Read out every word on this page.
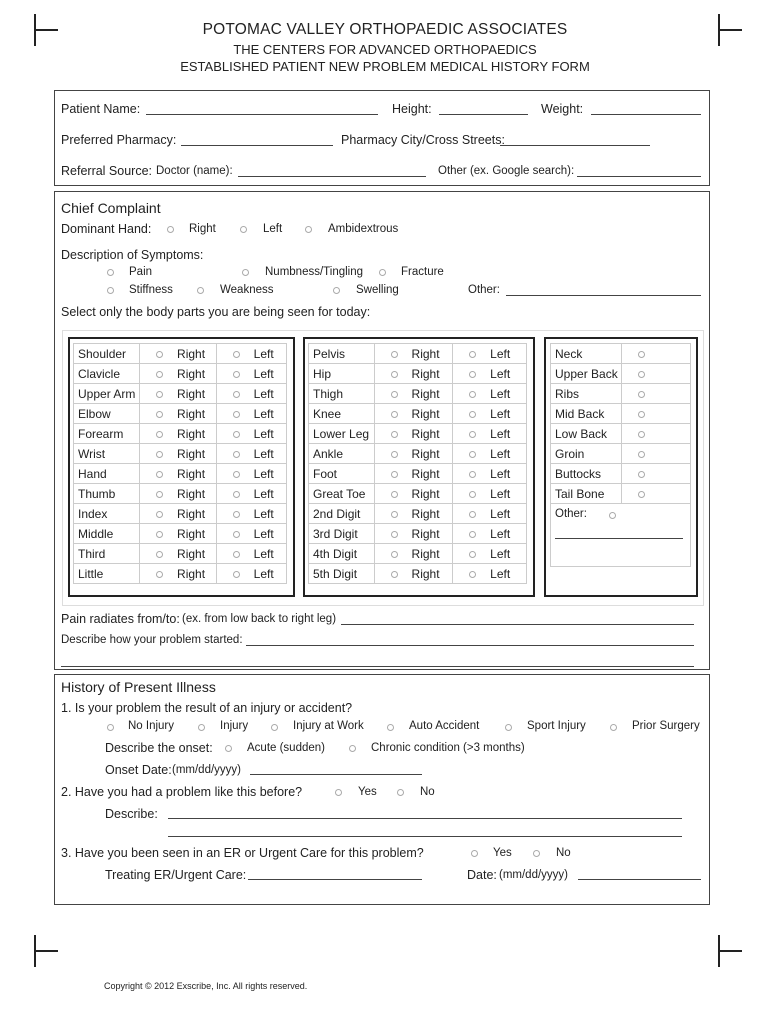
POTOMAC VALLEY ORTHOPAEDIC ASSOCIATES
THE CENTERS FOR ADVANCED ORTHOPAEDICS
ESTABLISHED PATIENT NEW PROBLEM MEDICAL HISTORY FORM
Patient Name:	Height:	Weight:
Preferred Pharmacy:	Pharmacy City/Cross Streets:
Referral Source: Doctor (name):	Other (ex. Google search):
Chief Complaint
Dominant Hand:	Right	Left	Ambidextrous
Description of Symptoms:
Pain	Numbness/Tingling	Fracture
Stiffness	Weakness	Swelling	Other:
Select only the body parts you are being seen for today:
Shoulder	Right	Left
Clavicle	Right	Left
Upper Arm	Right	Left
Elbow	Right	Left
Forearm	Right	Left
Wrist	Right	Left
Hand	Right	Left
Thumb	Right	Left
Index	Right	Left
Middle	Right	Left
Third	Right	Left
Little	Right	Left
Pelvis	Right	Left
Hip	Right	Left
Thigh	Right	Left
Knee	Right	Left
Lower Leg	Right	Left
Ankle	Right	Left
Foot	Right	Left
Great Toe	Right	Left
2nd Digit	Right	Left
3rd Digit	Right	Left
4th Digit	Right	Left
5th Digit	Right	Left
Neck	
Upper Back	
Ribs	
Mid Back	
Low Back	
Groin	
Buttocks	
Tail Bone	
Other:
Pain radiates from/to: (ex. from low back to right leg)
Describe how your problem started:
History of Present Illness
1. Is your problem the result of an injury or accident?
No Injury	Injury	Injury at Work	Auto Accident	Sport Injury	Prior Surgery
Describe the onset:	Acute (sudden)	Chronic condition (>3 months)
Onset Date: (mm/dd/yyyy)
2. Have you had a problem like this before?	Yes	No
Describe:
3. Have you been seen in an ER or Urgent Care for this problem?	Yes	No
Treating ER/Urgent Care:	Date: (mm/dd/yyyy)
Copyright © 2012 Exscribe, Inc. All rights reserved.
